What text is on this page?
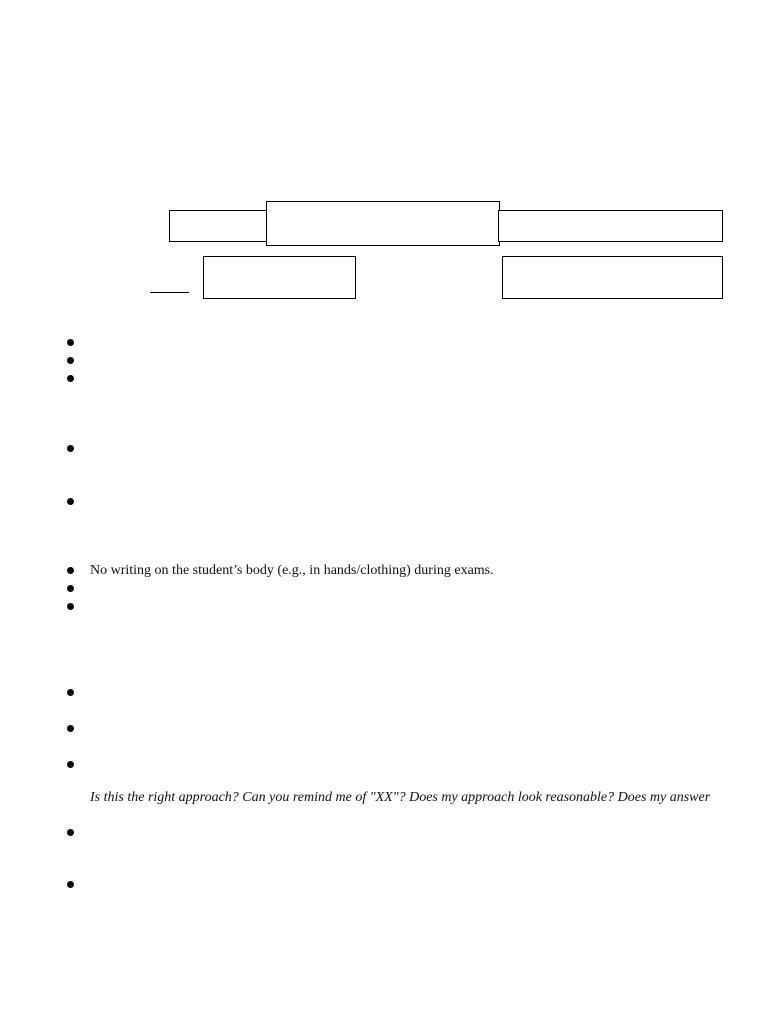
No writing on the student’s body (e.g., in hands/clothing) during exams.
Is this the right approach? Can you remind me of "XX"? Does my approach look reasonable? Does my answer
